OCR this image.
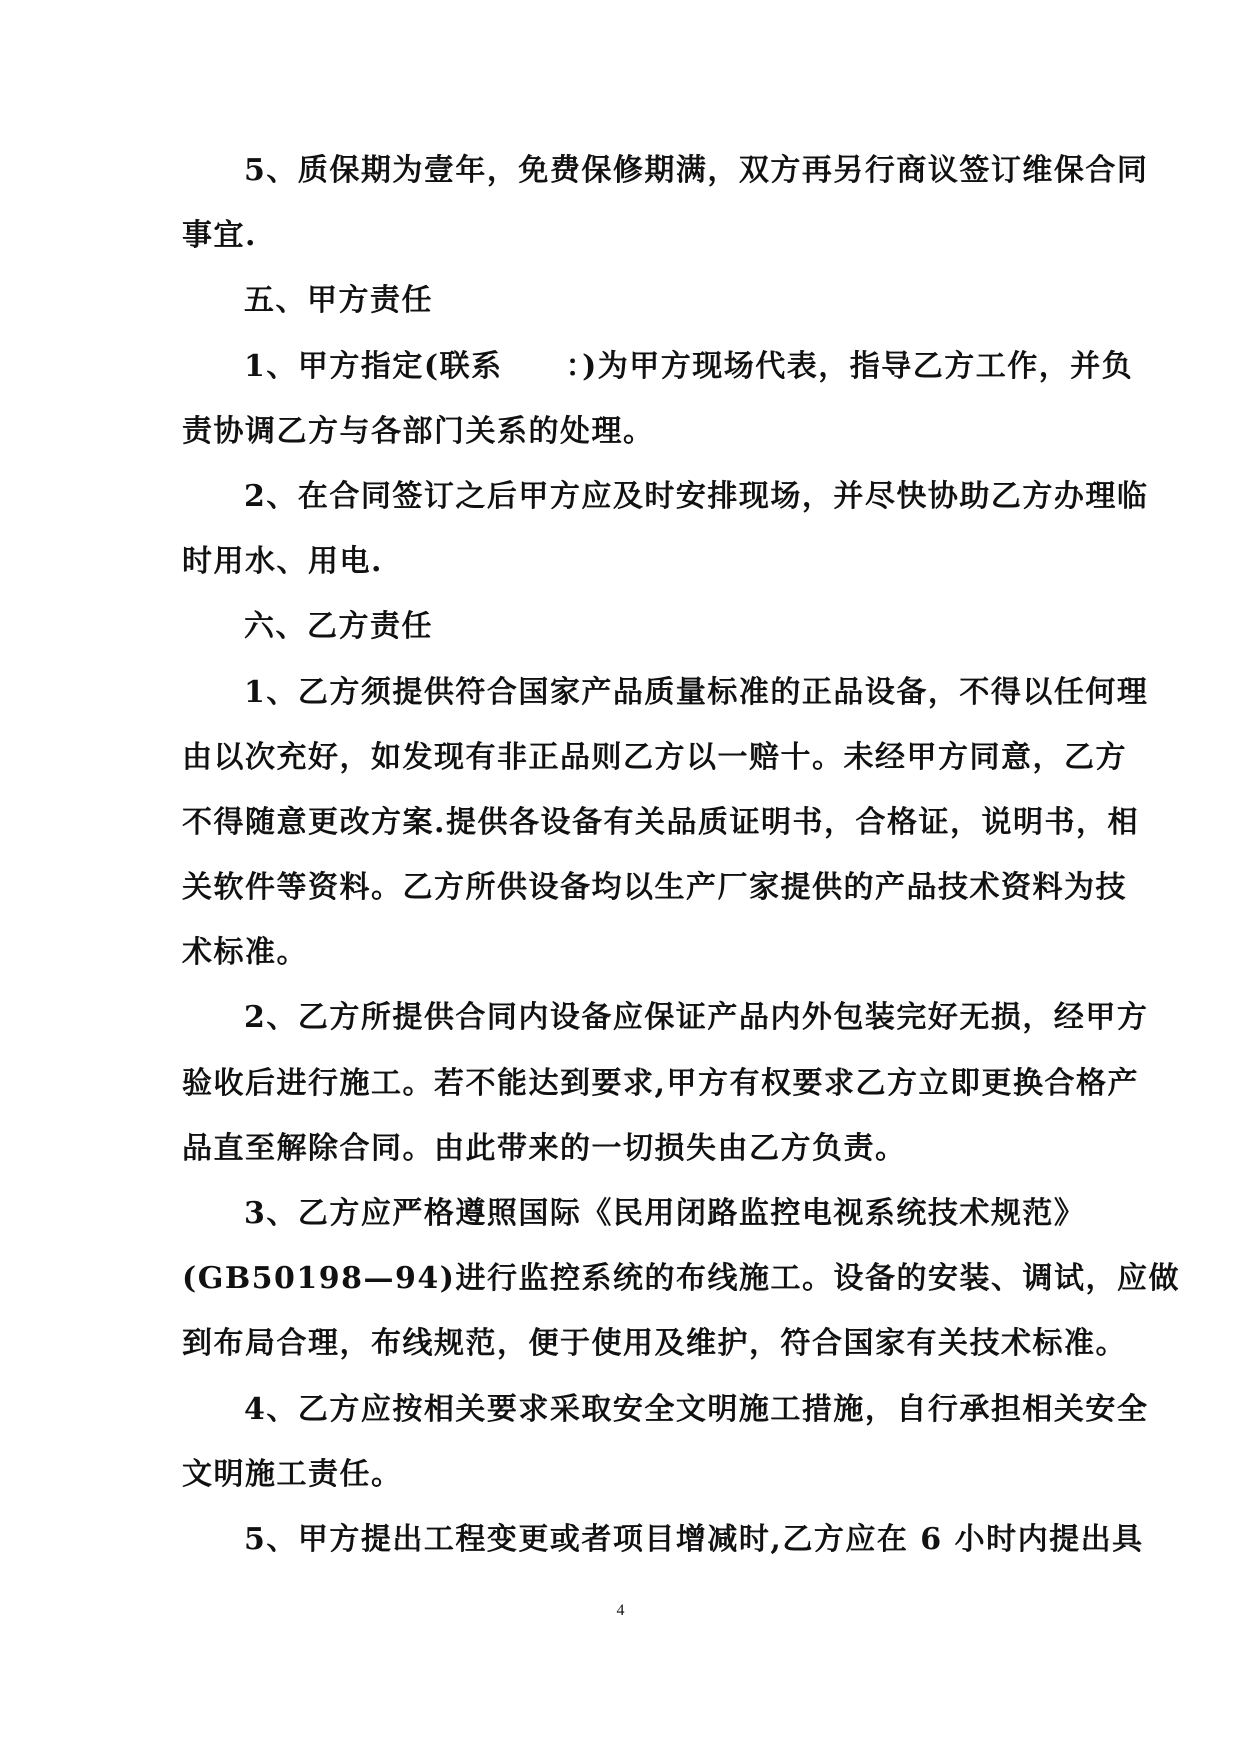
5、质保期为壹年，免费保修期满，双方再另行商议签订维保合同
事宜.
五、甲方责任
1、甲方指定(联系　　：)为甲方现场代表，指导乙方工作，并负
责协调乙方与各部门关系的处理。
2、在合同签订之后甲方应及时安排现场，并尽快协助乙方办理临
时用水、用电.
六、乙方责任
1、乙方须提供符合国家产品质量标准的正品设备，不得以任何理
由以次充好，如发现有非正品则乙方以一赔十。未经甲方同意，乙方
不得随意更改方案.提供各设备有关品质证明书，合格证，说明书，相
关软件等资料。乙方所供设备均以生产厂家提供的产品技术资料为技
术标准。
2、乙方所提供合同内设备应保证产品内外包装完好无损，经甲方
验收后进行施工。若不能达到要求,甲方有权要求乙方立即更换合格产
品直至解除合同。由此带来的一切损失由乙方负责。
3、乙方应严格遵照国际《民用闭路监控电视系统技术规范》
(GB50198—94)进行监控系统的布线施工。设备的安装、调试，应做
到布局合理，布线规范，便于使用及维护，符合国家有关技术标准。
4、乙方应按相关要求采取安全文明施工措施，自行承担相关安全
文明施工责任。
5、甲方提出工程变更或者项目增减时,乙方应在 6 小时内提出具
4
